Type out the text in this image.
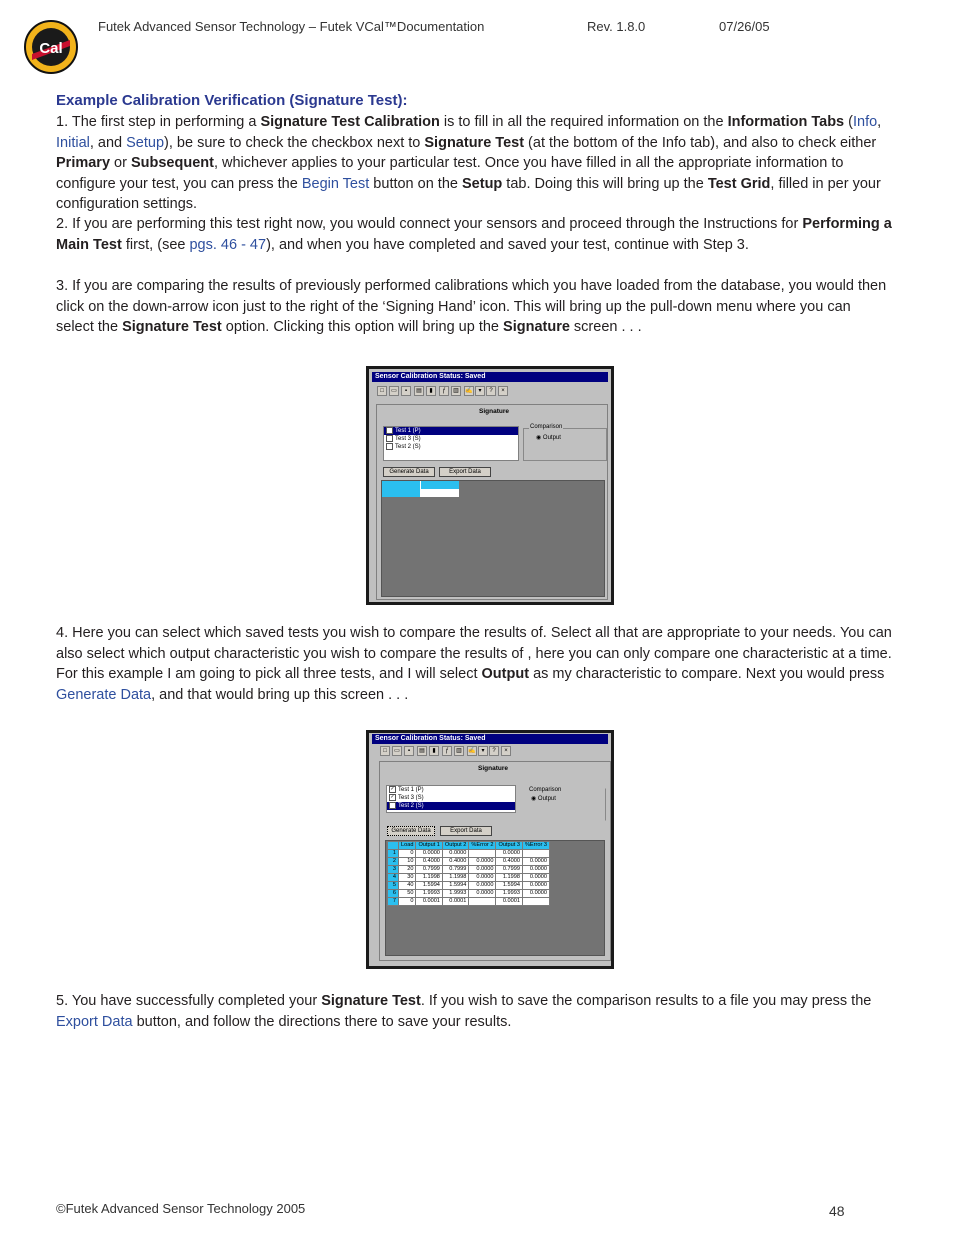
Cal
Futek Advanced Sensor Technology – Futek VCal™Documentation	Rev. 1.8.0	07/26/05
Example Calibration Verification (Signature Test):

1. The first step in performing a Signature Test Calibration is to fill in all the required information on the Information Tabs (Info, Initial, and Setup), be sure to check the checkbox next to Signature Test (at the bottom of the Info tab), and also to check either Primary or Subsequent, whichever applies to your particular test. Once you have filled in all the appropriate information to configure your test, you can press the Begin Test button on the Setup tab. Doing this will bring up the Test Grid, filled in per your configuration settings.

2. If you are performing this test right now, you would connect your sensors and proceed through the Instructions for Performing a Main Test first, (see pgs. 46 - 47), and when you have completed and saved your test, continue with Step 3.

3. If you are comparing the results of previously performed calibrations which you have loaded from the database, you would then click on the down-arrow icon just to the right of the ‘Signing Hand’ icon. This will bring up the pull-down menu where you can select the Signature Test option. Clicking this option will bring up the Signature screen . . .

Sensor Calibration Status: Saved
□	▭	▪	▤	▮	ƒ	▥	✍ ▾	?	×
Signature
Test 1 (P)
Test 3 (S)
Test 2 (S)
Comparison
◉ Output
Generate Data	Export Data

4. Here you can select which saved tests you wish to compare the results of. Select all that are appropriate to your needs. You can also select which output characteristic you wish to compare the results of , here you can only compare one characteristic at a time. For this example I am going to pick all three tests, and I will select Output as my characteristic to compare. Next you would press Generate Data, and that would bring up this screen . . .

Sensor Calibration Status: Saved
□	▭	▪	▤	▮	ƒ	▥	✍ ▾	?	×
Signature
✓ Test 1 (P)
✓ Test 3 (S)
✓ Test 2 (S)
Comparison
◉ Output
Generate Data	Export Data
	Load	Output 1	Output 2	%Error 2	Output 3	%Error 3
1	0	0.0000	0.0000		0.0000	
2	10	0.4000	0.4000	0.0000	0.4000	0.0000
3	20	0.7999	0.7999	0.0000	0.7999	0.0000
4	30	1.1998	1.1998	0.0000	1.1998	0.0000
5	40	1.5994	1.5994	0.0000	1.5994	0.0000
6	50	1.9993	1.9993	0.0000	1.9993	0.0000
7	0	0.0001	0.0001		0.0001	

5. You have successfully completed your Signature Test. If you wish to save the comparison results to a file you may press the Export Data button, and follow the directions there to save your results.

©Futek Advanced Sensor Technology 2005	48
